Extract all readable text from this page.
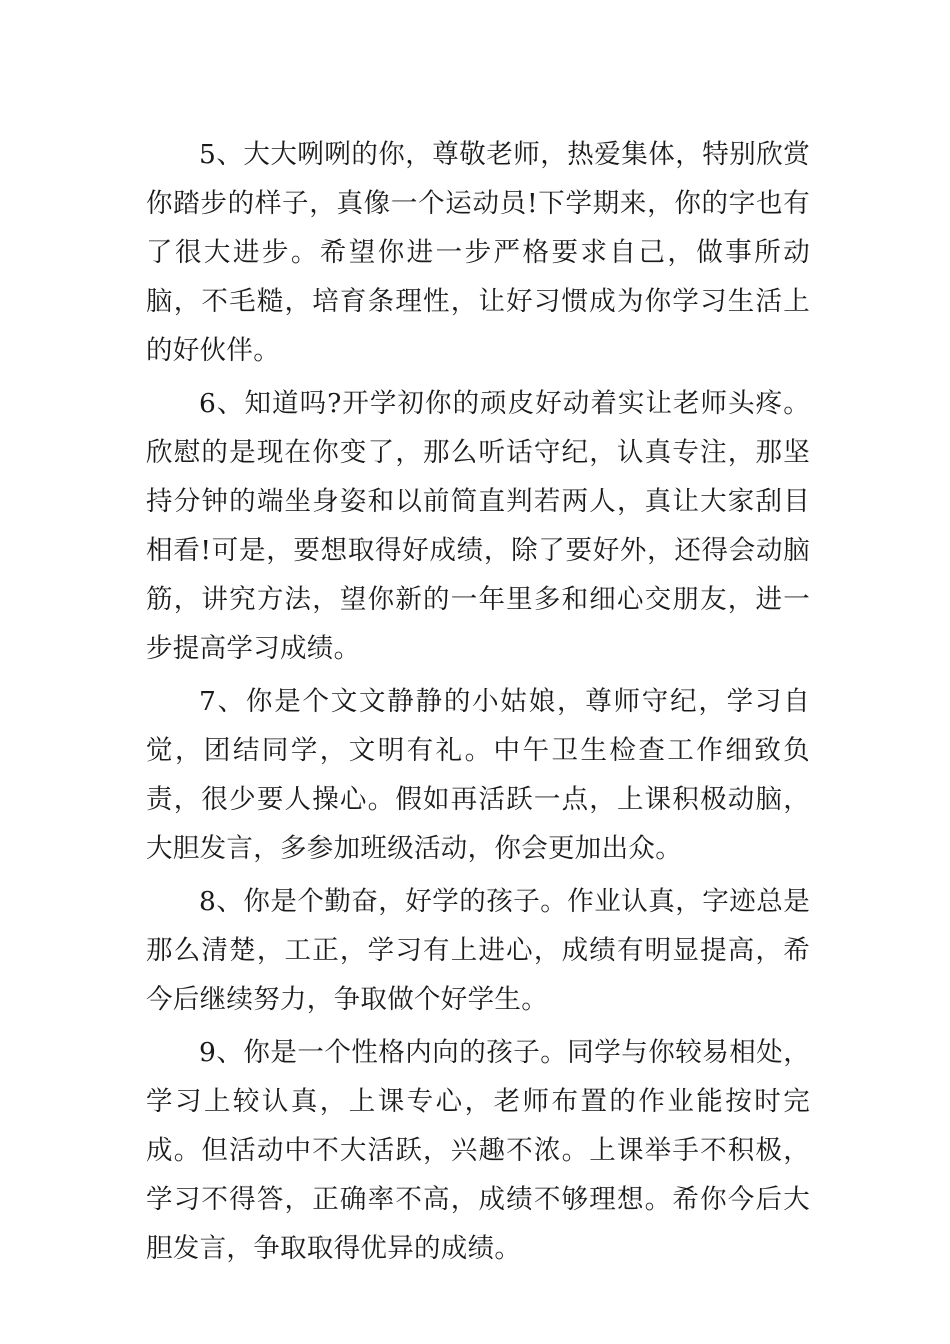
5、大大咧咧的你，尊敬老师，热爱集体，特别欣赏你踏步的样子，真像一个运动员!下学期来，你的字也有了很大进步。希望你进一步严格要求自己，做事所动脑，不毛糙，培育条理性，让好习惯成为你学习生活上的好伙伴。

6、知道吗?开学初你的顽皮好动着实让老师头疼。欣慰的是现在你变了，那么听话守纪，认真专注，那坚持分钟的端坐身姿和以前简直判若两人，真让大家刮目相看!可是，要想取得好成绩，除了要好外，还得会动脑筋，讲究方法，望你新的一年里多和细心交朋友，进一步提高学习成绩。

7、你是个文文静静的小姑娘，尊师守纪，学习自觉，团结同学，文明有礼。中午卫生检查工作细致负责，很少要人操心。假如再活跃一点，上课积极动脑，大胆发言，多参加班级活动，你会更加出众。

8、你是个勤奋，好学的孩子。作业认真，字迹总是那么清楚，工正，学习有上进心，成绩有明显提高，希今后继续努力，争取做个好学生。

9、你是一个性格内向的孩子。同学与你较易相处，学习上较认真，上课专心，老师布置的作业能按时完成。但活动中不大活跃，兴趣不浓。上课举手不积极，学习不得答，正确率不高，成绩不够理想。希你今后大胆发言，争取取得优异的成绩。
